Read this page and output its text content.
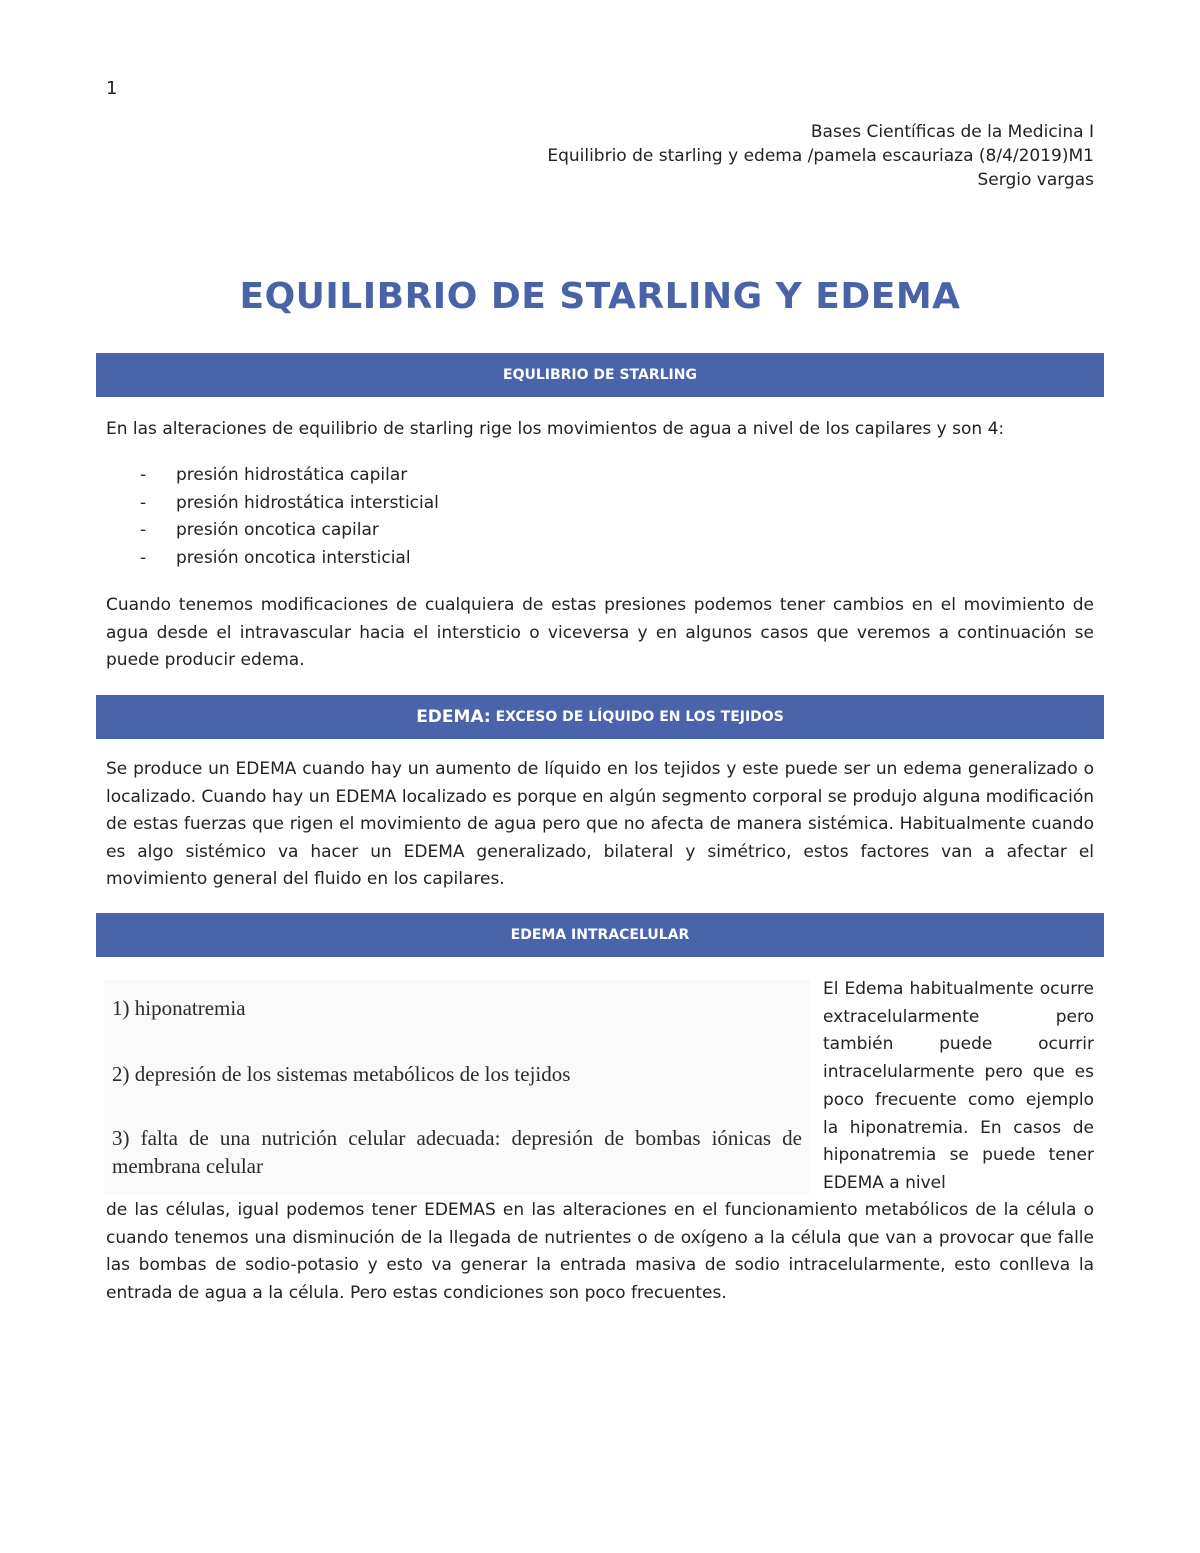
1
Bases Científicas de la Medicina I
Equilibrio de starling y edema /pamela escauriaza (8/4/2019)M1
Sergio vargas
EQUILIBRIO DE STARLING Y EDEMA
EQULIBRIO DE STARLING

En las alteraciones de equilibrio de starling rige los movimientos de agua a nivel de los capilares y son 4:

-	presión hidrostática capilar
-	presión hidrostática intersticial
-	presión oncotica capilar
-	presión oncotica intersticial

Cuando tenemos modificaciones de cualquiera de estas presiones podemos tener cambios en el movimiento de agua desde el intravascular hacia el intersticio o viceversa y en algunos casos que veremos a continuación se puede producir edema.

EDEMA:
EXCESO DE LÍQUIDO EN LOS TEJIDOS

Se produce un EDEMA cuando hay un aumento de líquido en los tejidos y este puede ser un edema generalizado o localizado. Cuando hay un EDEMA localizado es porque en algún segmento corporal se produjo alguna modificación de estas fuerzas que rigen el movimiento de agua pero que no afecta de manera sistémica. Habitualmente cuando es algo sistémico va hacer un EDEMA generalizado, bilateral y simétrico, estos factores van a afectar el movimiento general del fluido en los capilares.

EDEMA INTRACELULAR

1) hiponatremia

2) depresión de los sistemas metabólicos de los tejidos

3) falta de una nutrición celular adecuada: depresión de bombas iónicas de membrana celular

El Edema habitualmente ocurre extracelularmente pero también puede ocurrir intracelularmente pero que es poco frecuente como ejemplo la hiponatremia. En casos de hiponatremia se puede tener EDEMA a nivel

de las células, igual podemos tener EDEMAS en las alteraciones en el funcionamiento metabólicos de la célula o cuando tenemos una disminución de la llegada de nutrientes o de oxígeno a la célula que van a provocar que falle las bombas de sodio-potasio y esto va generar la entrada masiva de sodio intracelularmente, esto conlleva la entrada de agua a la célula. Pero estas condiciones son poco frecuentes.
